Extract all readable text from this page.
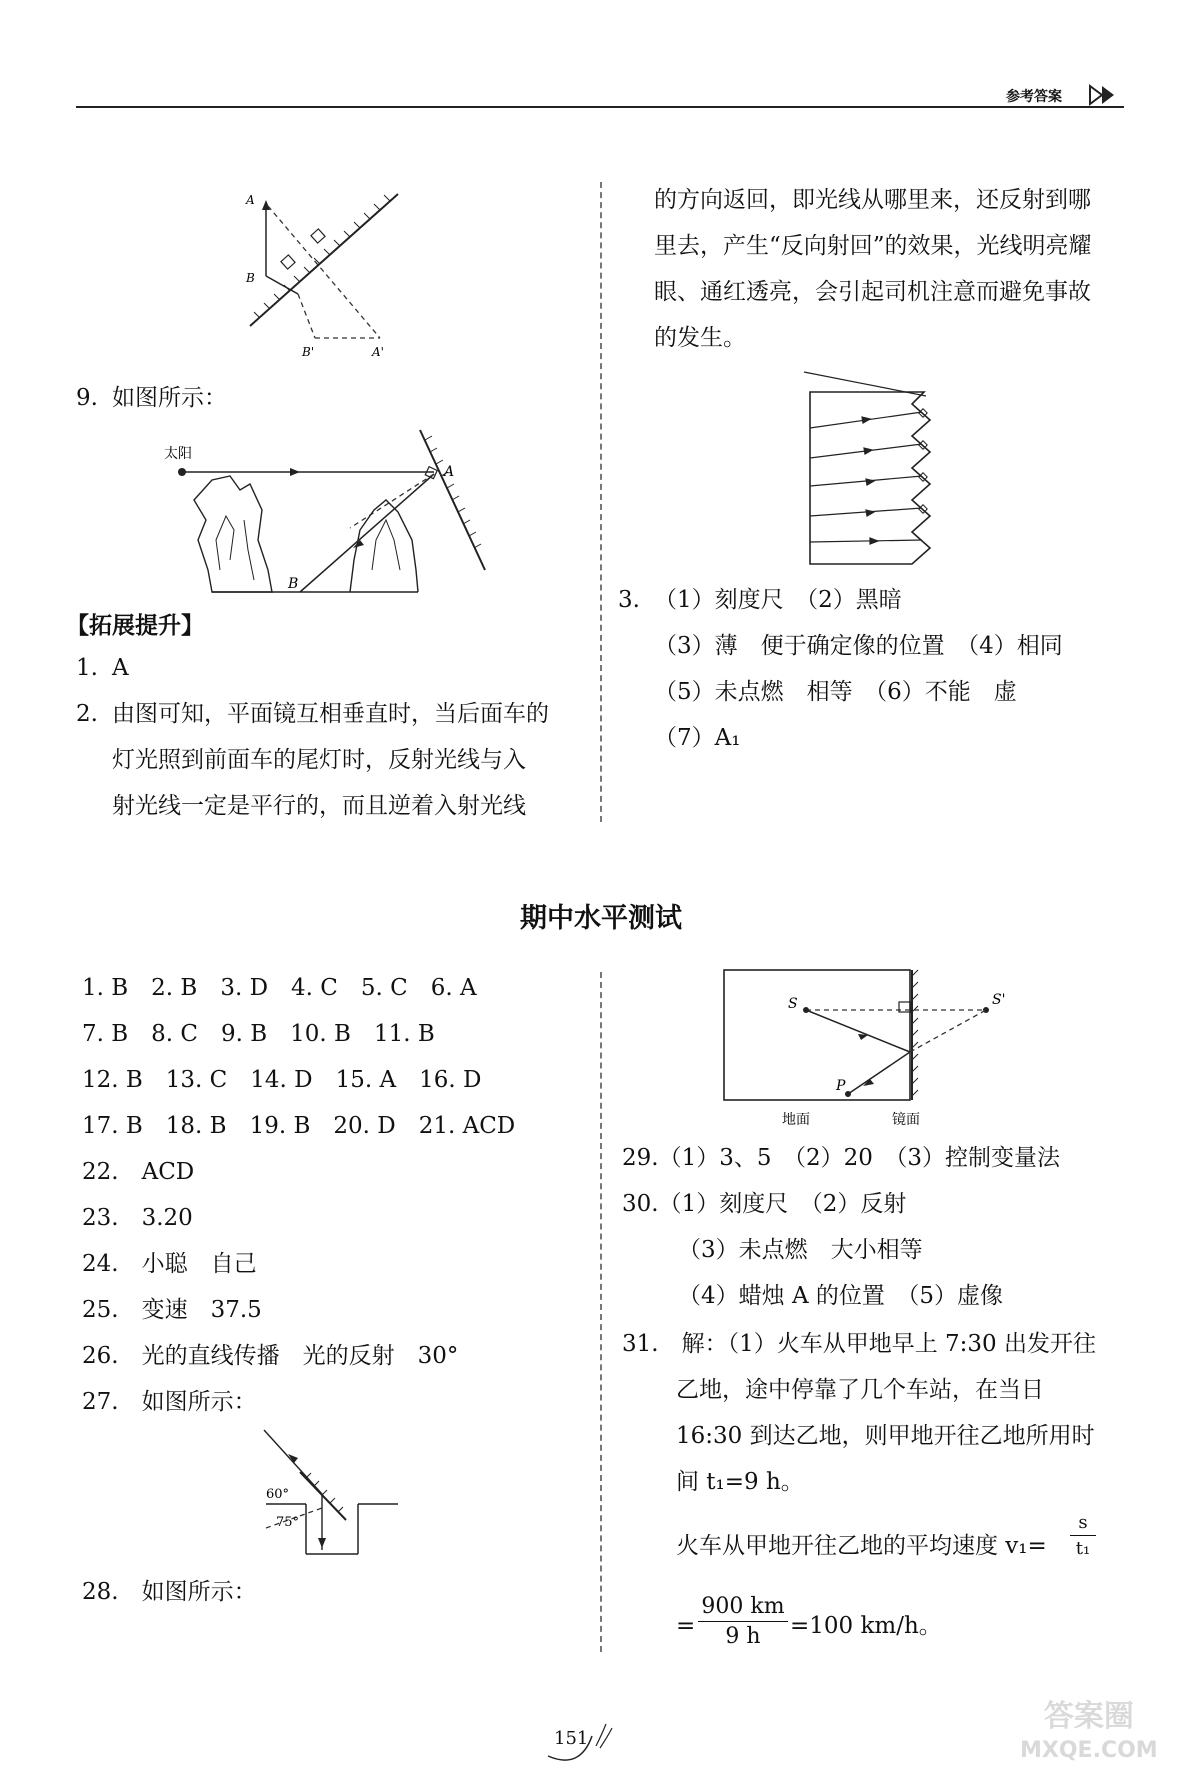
参考答案
A
B
B'	A'
9. 如图所示：
太阳
A
B
【拓展提升】
1. A
2. 由图可知，平面镜互相垂直时，当后面车的
灯光照到前面车的尾灯时，反射光线与入
射光线一定是平行的，而且逆着入射光线
的方向返回，即光线从哪里来，还反射到哪
里去，产生“反向射回”的效果，光线明亮耀
眼、通红透亮，会引起司机注意而避免事故
的发生。
3. （1）刻度尺　（2）黑暗
（3）薄　便于确定像的位置　（4）相同
（5）未点燃　相等　（6）不能　虚
（7）A₁
期中水平测试
1. B　2. B　3. D　4. C　5. C　6. A
7. B　8. C　9. B　10. B　11. B
12. B　13. C　14. D　15. A　16. D
17. B　18. B　19. B　20. D　21. ACD
22.　ACD
23.　3.20
24.　小聪　自己
25.　变速　37.5
26.　光的直线传播　光的反射　30°
27.　如图所示：
60°
75°
28.　如图所示：
S	S'
P
地面	镜面
29.（1）3、5　（2）20　（3）控制变量法
30.（1）刻度尺　（2）反射
（3）未点燃　大小相等
（4）蜡烛 A 的位置　（5）虚像
31.　解：（1）火车从甲地早上 7:30 出发开往
乙地，途中停靠了几个车站，在当日
16:30 到达乙地，则甲地开往乙地所用时
间 t₁=9 h。
火车从甲地开往乙地的平均速度 v₁=
s
t₁
=
900 km
9 h	=100 km/h。
151
答案圈
MXQE.COM
